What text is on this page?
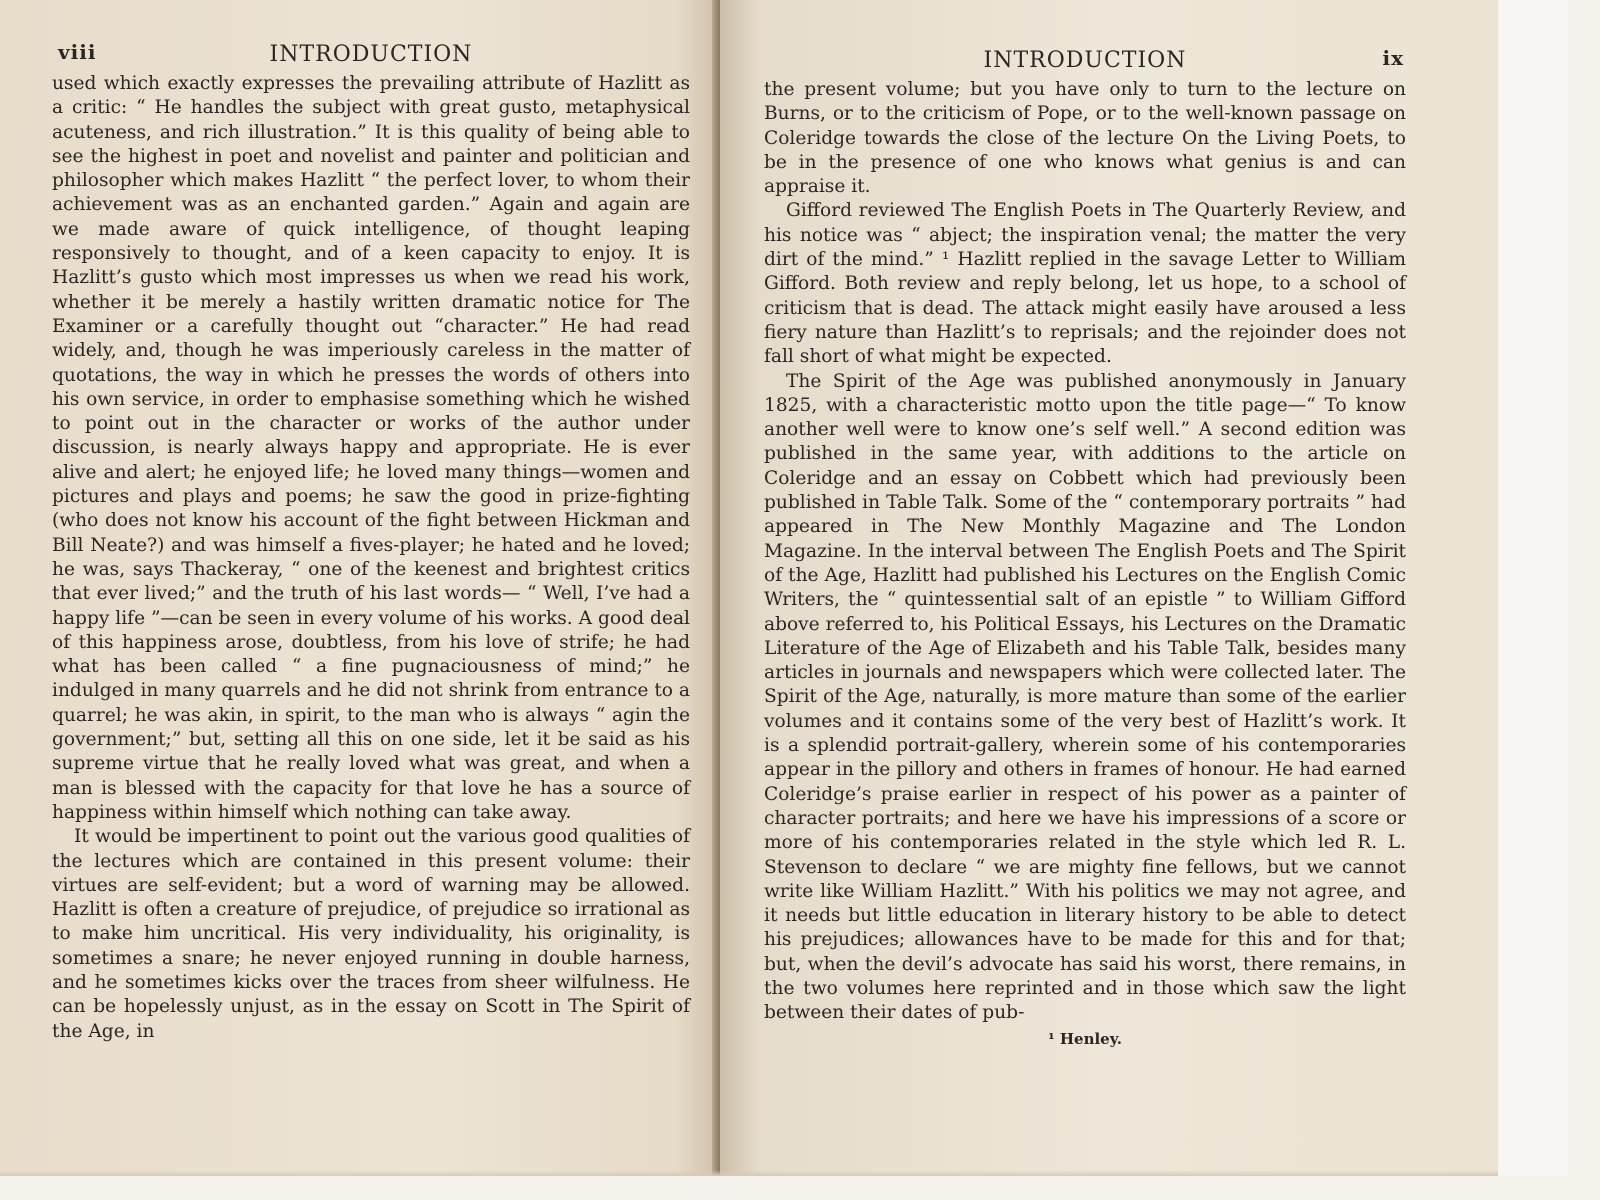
viii	INTRODUCTION

used which exactly expresses the prevailing attribute of Hazlitt as a critic: “ He handles the subject with great gusto, metaphysical acuteness, and rich illustration.” It is this quality of being able to see the highest in poet and novelist and painter and politician and philosopher which makes Hazlitt “ the perfect lover, to whom their achievement was as an enchanted garden.” Again and again are we made aware of quick intelligence, of thought leaping responsively to thought, and of a keen capacity to enjoy. It is Hazlitt’s gusto which most impresses us when we read his work, whether it be merely a hastily written dramatic notice for The Examiner or a carefully thought out “character.” He had read widely, and, though he was imperiously careless in the matter of quotations, the way in which he presses the words of others into his own service, in order to emphasise something which he wished to point out in the character or works of the author under discussion, is nearly always happy and appropriate. He is ever alive and alert; he enjoyed life; he loved many things—women and pictures and plays and poems; he saw the good in prize-fighting (who does not know his account of the fight between Hickman and Bill Neate?) and was himself a fives-player; he hated and he loved; he was, says Thackeray, “ one of the keenest and brightest critics that ever lived;” and the truth of his last words— “ Well, I’ve had a happy life ”—can be seen in every volume of his works. A good deal of this happiness arose, doubtless, from his love of strife; he had what has been called “ a fine pugnaciousness of mind;” he indulged in many quarrels and he did not shrink from entrance to a quarrel; he was akin, in spirit, to the man who is always “ agin the government;” but, setting all this on one side, let it be said as his supreme virtue that he really loved what was great, and when a man is blessed with the capacity for that love he has a source of happiness within himself which nothing can take away.

It would be impertinent to point out the various good qualities of the lectures which are contained in this present volume: their virtues are self-evident; but a word of warning may be allowed. Hazlitt is often a creature of prejudice, of prejudice so irrational as to make him uncritical. His very individuality, his originality, is sometimes a snare; he never enjoyed running in double harness, and he sometimes kicks over the traces from sheer wilfulness. He can be hopelessly unjust, as in the essay on Scott in The Spirit of the Age, in

INTRODUCTION	ix

the present volume; but you have only to turn to the lecture on Burns, or to the criticism of Pope, or to the well-known passage on Coleridge towards the close of the lecture On the Living Poets, to be in the presence of one who knows what genius is and can appraise it.

Gifford reviewed The English Poets in The Quarterly Review, and his notice was “ abject; the inspiration venal; the matter the very dirt of the mind.” ¹ Hazlitt replied in the savage Letter to William Gifford. Both review and reply belong, let us hope, to a school of criticism that is dead. The attack might easily have aroused a less fiery nature than Hazlitt’s to reprisals; and the rejoinder does not fall short of what might be expected.

The Spirit of the Age was published anonymously in January 1825, with a characteristic motto upon the title page—“ To know another well were to know one’s self well.” A second edition was published in the same year, with additions to the article on Coleridge and an essay on Cobbett which had previously been published in Table Talk. Some of the “ contemporary portraits ” had appeared in The New Monthly Magazine and The London Magazine. In the interval between The English Poets and The Spirit of the Age, Hazlitt had published his Lectures on the English Comic Writers, the “ quintessential salt of an epistle ” to William Gifford above referred to, his Political Essays, his Lectures on the Dramatic Literature of the Age of Elizabeth and his Table Talk, besides many articles in journals and newspapers which were collected later. The Spirit of the Age, naturally, is more mature than some of the earlier volumes and it contains some of the very best of Hazlitt’s work. It is a splendid portrait-gallery, wherein some of his contemporaries appear in the pillory and others in frames of honour. He had earned Coleridge’s praise earlier in respect of his power as a painter of character portraits; and here we have his impressions of a score or more of his contemporaries related in the style which led R. L. Stevenson to declare “ we are mighty fine fellows, but we cannot write like William Hazlitt.” With his politics we may not agree, and it needs but little education in literary history to be able to detect his prejudices; allowances have to be made for this and for that; but, when the devil’s advocate has said his worst, there remains, in the two volumes here reprinted and in those which saw the light between their dates of pub-

¹ Henley.
